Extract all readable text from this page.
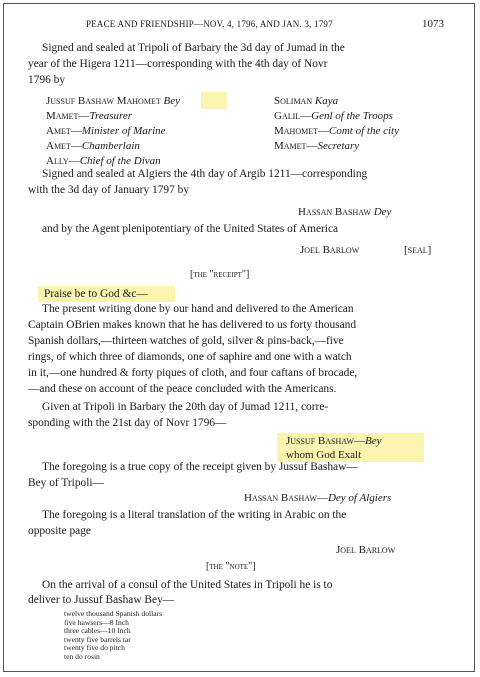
PEACE AND FRIENDSHIP—NOV. 4, 1796, AND JAN. 3, 1797	1073
Signed and sealed at Tripoli of Barbary the 3d day of Jumad in the
year of the Higera 1211—corresponding with the 4th day of Novr
1796 by
Jussuf Bashaw Mahomet Bey
Mamet—Treasurer
Amet—Minister of Marine
Amet—Chamberlain
Ally—Chief of the Divan
Soliman Kaya
Galil—Genl of the Troops
Mahomet—Comt of the city
Mamet—Secretary
Signed and sealed at Algiers the 4th day of Argib 1211—corresponding
with the 3d day of January 1797 by
Hassan Bashaw Dey
and by the Agent plenipotentiary of the United States of America
Joel Barlow	[seal]
[the "receipt"]
Praise be to God &c—
The present writing done by our hand and delivered to the American
Captain OBrien makes known that he has delivered to us forty thousand
Spanish dollars,—thirteen watches of gold, silver & pins-back,—five
rings, of which three of diamonds, one of saphire and one with a watch
in it,—one hundred & forty piques of cloth, and four caftans of brocade,
—and these on account of the peace concluded with the Americans.
Given at Tripoli in Barbary the 20th day of Jumad 1211, corre-
sponding with the 21st day of Novr 1796—
Jussuf Bashaw—Bey
whom God Exalt
The foregoing is a true copy of the receipt given by Jussuf Bashaw—
Bey of Tripoli—
Hassan Bashaw—Dey of Algiers
The foregoing is a literal translation of the writing in Arabic on the
opposite page
Joel Barlow
[the "note"]
On the arrival of a consul of the United States in Tripoli he is to
deliver to Jussuf Bashaw Bey—
twelve thousand Spanish dollars
five hawsers—8 Inch
three cables—10 Inch
twenty five barrels tar
twenty five do pitch
ten do rosin
